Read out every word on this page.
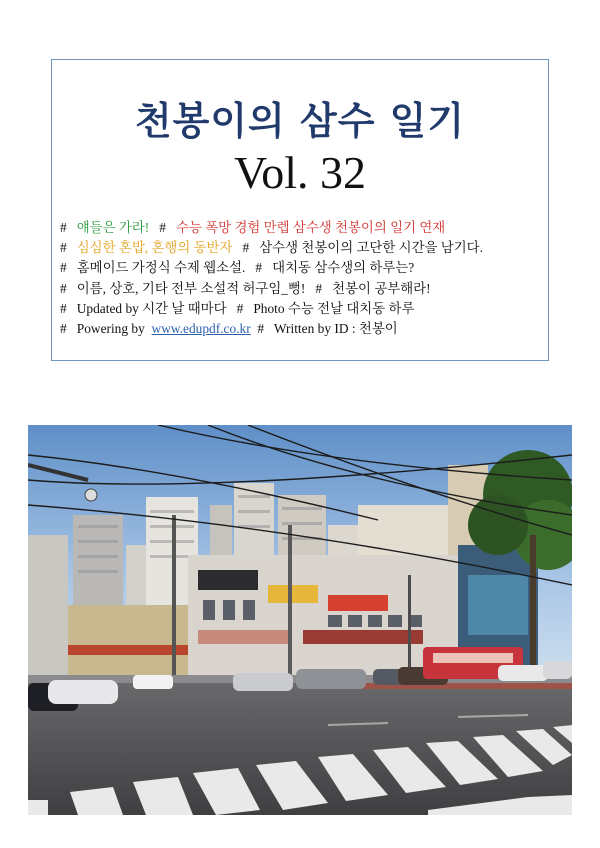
천봉이의 삼수 일기
Vol. 32
# 얘들은 가라! # 수능 폭망 경험 만렙 삼수생 천봉이의 일기 연재
# 심심한 혼밥, 혼행의 동반자 # 삼수생 천봉이의 고단한 시간을 남기다.
# 홈메이드 가정식 수제 웹소설. # 대치동 삼수생의 하루는?
# 이름, 상호, 기타 전부 소설적 허구임_뻥! # 천봉이 공부해라!
# Updated by 시간 날 때마다 # Photo 수능 전날 대치동 하루
# Powering by www.edupdf.co.kr # Written by ID : 천봉이
